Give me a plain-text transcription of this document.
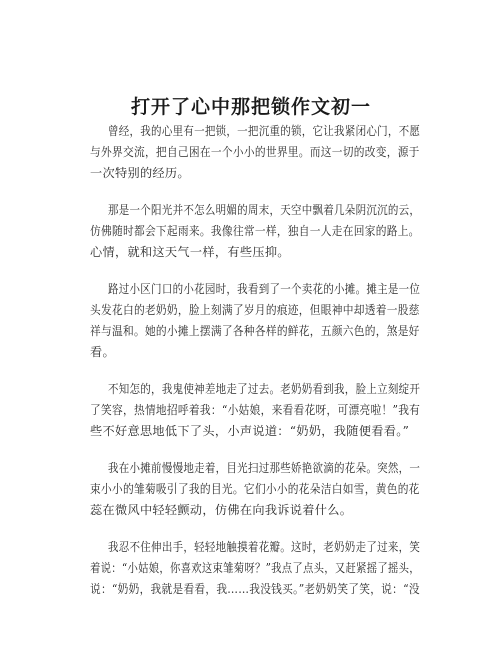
打开了心中那把锁作文初一
曾经，我的心里有一把锁，一把沉重的锁，它让我紧闭心门，不愿
与外界交流，把自己困在一个小小的世界里。而这一切的改变，源于
一次特别的经历。
那是一个阳光并不怎么明媚的周末，天空中飘着几朵阴沉沉的云，
仿佛随时都会下起雨来。我像往常一样，独自一人走在回家的路上。
心情，就和这天气一样，有些压抑。
路过小区门口的小花园时，我看到了一个卖花的小摊。摊主是一位
头发花白的老奶奶，脸上刻满了岁月的痕迹，但眼神中却透着一股慈
祥与温和。她的小摊上摆满了各种各样的鲜花，五颜六色的，煞是好
看。
不知怎的，我鬼使神差地走了过去。老奶奶看到我，脸上立刻绽开
了笑容，热情地招呼着我：“小姑娘，来看看花呀，可漂亮啦！”我有
些不好意思地低下了头，小声说道：“奶奶，我随便看看。”
我在小摊前慢慢地走着，目光扫过那些娇艳欲滴的花朵。突然，一
束小小的雏菊吸引了我的目光。它们小小的花朵洁白如雪，黄色的花
蕊在微风中轻轻颤动，仿佛在向我诉说着什么。
我忍不住伸出手，轻轻地触摸着花瓣。这时，老奶奶走了过来，笑
着说：“小姑娘，你喜欢这束雏菊呀？”我点了点头，又赶紧摇了摇头，
说：“奶奶，我就是看看，我……我没钱买。”老奶奶笑了笑，说：“没
